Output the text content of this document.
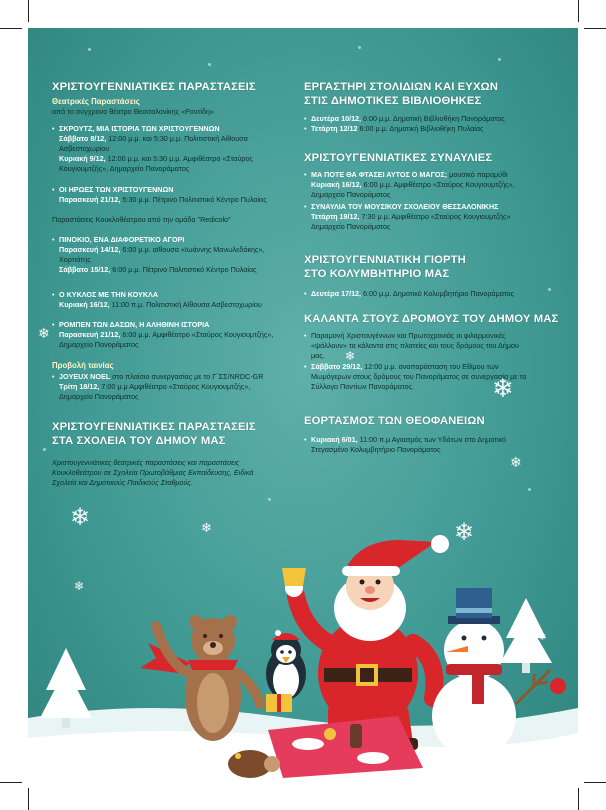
❄
❄
❄
❄
❄	❄	❄
❄
ΧΡΙΣΤΟΥΓΕΝΝΙΑΤΙΚΕΣ ΠΑΡΑΣΤΑΣΕΙΣ
Θεατρικές Παραστάσεις
από το σύγχρονο θέατρο Θεσσαλονίκης «Ροντίδη»
• ΣΚΡΟΥΤΖ, ΜΙΑ ΙΣΤΟΡΙΑ ΤΩΝ ΧΡΙΣΤΟΥΓΕΝΝΩΝ
Σάββατο 8/12, 12:00 μ.μ. και 5:30 μ.μ. Πολιτιστική Αίθουσα
Ασβεστοχωρίου
Κυριακή 9/12, 12:00 μ.μ. και 5:30 μ.μ. Αμφιθέατρο «Σταύρος
Κουγιουμτζής», Δημαρχείο Πανοράματος
• ΟΙ ΗΡΩΕΣ ΤΩΝ ΧΡΙΣΤΟΥΓΕΝΝΩΝ
Παρασκευή 21/12, 5:30 μ.μ. Πέτρινο Πολιτιστικό Κέντρο Πυλαίας
Παραστάσεις Κουκλοθέατρου από την ομάδα "Redicolo"
• ΠΙΝΟΚΙΟ, ΕΝΑ ΔΙΑΦΟΡΕΤΙΚΟ ΑΓΟΡΙ
Παρασκευή 14/12, 6:00 μ.μ. αίθουσα «Ιωάννης Μανωλεδάκης»,
Χορτιάτης
Σάββατο 15/12, 6:00 μ.μ. Πέτρινο Πολιτιστικό Κέντρο Πυλαίας
• Ο ΚΥΚΛΟΣ ΜΕ ΤΗΝ ΚΟΥΚΛΑ
Κυριακή 16/12, 11:00 π.μ. Πολιτιστική Αίθουσα Ασβεστοχωρίου
• ΡΟΜΠΕΝ ΤΩΝ ΔΑΣΩΝ, Η ΑΛΗΘΙΝΗ ΙΣΤΟΡΙΑ
Παρασκευή 21/12, 6:00 μ.μ. Αμφιθέατρο «Σταύρος Κουγιουμτζής»,
Δημαρχείο Πανοράματος
Προβολή ταινίας
• JOYEUX NOEL στο πλαίσιο συνεργασίας με το Γ΄ΣΣ/NRDC-GR
Τρίτη 18/12, 7:00 μ.μ Αμφιθέατρο «Σταύρος Κουγιουμτζής»,
Δημαρχείο Πανοράματος
ΧΡΙΣΤΟΥΓΕΝΝΙΑΤΙΚΕΣ ΠΑΡΑΣΤΑΣΕΙΣ
ΣΤΑ ΣΧΟΛΕΙΑ ΤΟΥ ΔΗΜΟΥ ΜΑΣ
Χριστουγεννιάτικες θεατρικές παραστάσεις και παραστάσεις
Κουκλοθεάτρου σε Σχολεία Πρωτοβάθμιας Εκπαίδευσης, Ειδικά
Σχολεία και Δημοτικούς Παιδικούς Σταθμούς.
ΕΡΓΑΣΤΗΡΙ ΣΤΟΛΙΔΙΩΝ ΚΑΙ ΕΥΧΩΝ
ΣΤΙΣ ΔΗΜΟΤΙΚΕΣ ΒΙΒΛΙΟΘΗΚΕΣ
• Δευτέρα 10/12, 6:00 μ.μ. Δημοτική Βιβλιοθήκη Πανοράματος
• Τετάρτη 12/12 6:00 μ.μ. Δημοτική Βιβλιοθήκη Πυλαίας
ΧΡΙΣΤΟΥΓΕΝΝΙΑΤΙΚΕΣ ΣΥΝΑΥΛΙΕΣ
• ΜΑ ΠΟΤΕ ΘΑ ΦΤΑΣΕΙ ΑΥΤΟΣ Ο ΜΑΓΟΣ; μουσικό παραμύθι
Κυριακή 16/12, 6:00 μ.μ. Αμφιθέατρο «Σταύρος Κουγιουμτζής»,
Δημαρχείο Πανοράματος
• ΣΥΝΑΥΛΙΑ ΤΟΥ ΜΟΥΣΙΚΟΥ ΣΧΟΛΕΙΟΥ ΘΕΣΣΑΛΟΝΙΚΗΣ
Τετάρτη 19/12, 7:30 μ.μ. Αμφιθέατρο «Σταύρος Κουγιουμτζής»
Δημαρχείο Πανοράματος
ΧΡΙΣΤΟΥΓΕΝΝΙΑΤΙΚΗ ΓΙΟΡΤΗ
ΣΤΟ ΚΟΛΥΜΒΗΤΗΡΙΟ ΜΑΣ
• Δευτέρα 17/12, 6:00 μ.μ. Δημοτικό Κολυμβητήριο Πανοράματος
ΚΑΛΑΝΤΑ ΣΤΟΥΣ ΔΡΟΜΟΥΣ ΤΟΥ ΔΗΜΟΥ ΜΑΣ
• Παραμονή Χριστουγέννων και Πρωτοχρονιάς οι φιλαρμονικές
«ψάλλουν» τα κάλαντα στις πλατείες και τους δρόμους του Δήμου
μας.
• Σάββατο 29/12, 12:00 μ.μ. αναπαράσταση του Εθίμου των
Μωμόγερων στους δρόμους του Πανοράματος σε συνεργασία με το
Σύλλογο Ποντίων Πανοράματος.
ΕΟΡΤΑΣΜΟΣ ΤΩΝ ΘΕΟΦΑΝΕΙΩΝ
• Κυριακή 6/01, 11:00 π.μ Αγιασμός των Υδάτων στο Δημοτικό
Στεγασμένο Κολυμβητήριο Πανοράματος
